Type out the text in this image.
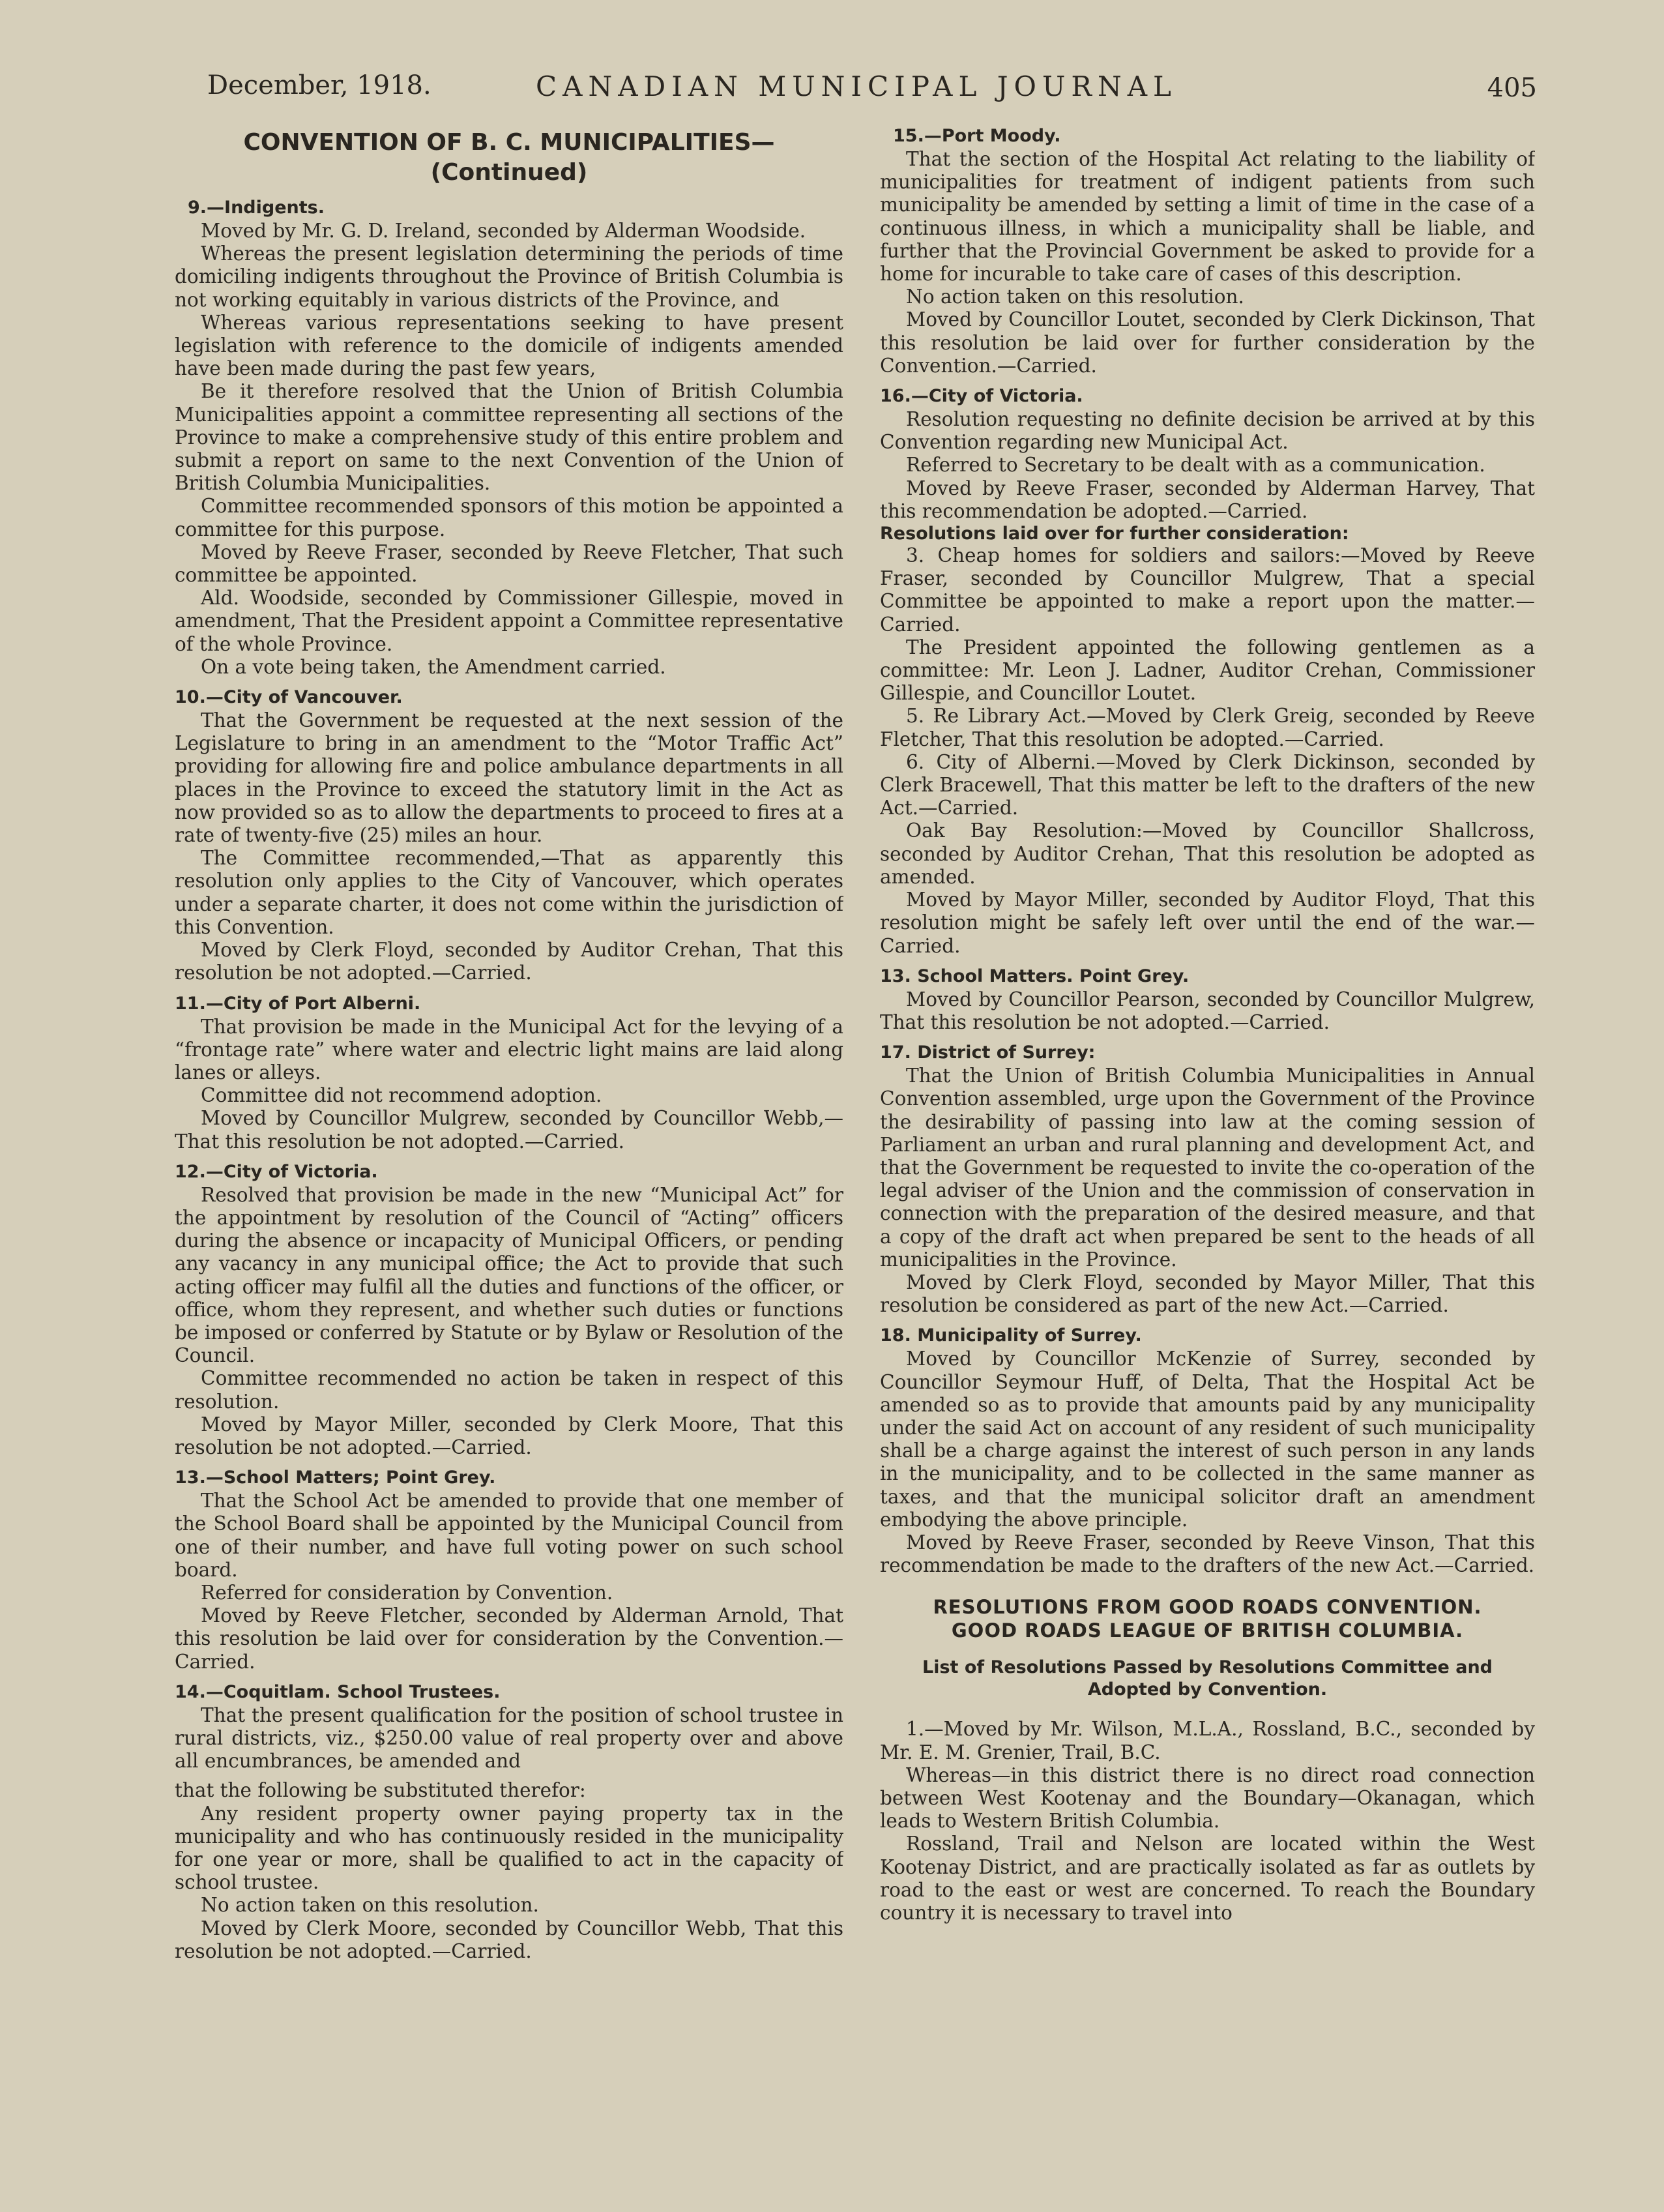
December, 1918.	CANADIAN MUNICIPAL JOURNAL	405
CONVENTION OF B. C. MUNICIPALITIES—
(Continued)
9.—Indigents.

Moved by Mr. G. D. Ireland, seconded by Alderman Woodside.

Whereas the present legislation determining the periods of time domiciling indigents throughout the Province of British Columbia is not working equitably in various districts of the Province, and

Whereas various representations seeking to have present legislation with reference to the domicile of indigents amended have been made during the past few years,

Be it therefore resolved that the Union of British Columbia Municipalities appoint a committee representing all sections of the Province to make a comprehensive study of this entire problem and submit a report on same to the next Convention of the Union of British Columbia Municipalities.

Committee recommended sponsors of this motion be appointed a committee for this purpose.

Moved by Reeve Fraser, seconded by Reeve Fletcher, That such committee be appointed.

Ald. Woodside, seconded by Commissioner Gillespie, moved in amendment, That the President appoint a Committee representative of the whole Province.

On a vote being taken, the Amendment carried.

10.—City of Vancouver.

That the Government be requested at the next session of the Legislature to bring in an amendment to the “Motor Traffic Act” providing for allowing fire and police ambulance departments in all places in the Province to exceed the statutory limit in the Act as now provided so as to allow the departments to proceed to fires at a rate of twenty-five (25) miles an hour.

The Committee recommended,—That as apparently this resolution only applies to the City of Vancouver, which operates under a separate charter, it does not come within the jurisdiction of this Convention.

Moved by Clerk Floyd, seconded by Auditor Crehan, That this resolution be not adopted.—Carried.

11.—City of Port Alberni.

That provision be made in the Municipal Act for the levying of a “frontage rate” where water and electric light mains are laid along lanes or alleys.

Committee did not recommend adoption.

Moved by Councillor Mulgrew, seconded by Councillor Webb,—That this resolution be not adopted.—Carried.

12.—City of Victoria.

Resolved that provision be made in the new “Municipal Act” for the appointment by resolution of the Council of “Acting” officers during the absence or incapacity of Municipal Officers, or pending any vacancy in any municipal office; the Act to provide that such acting officer may fulfil all the duties and functions of the officer, or office, whom they represent, and whether such duties or functions be imposed or conferred by Statute or by Bylaw or Resolution of the Council.

Committee recommended no action be taken in respect of this resolution.

Moved by Mayor Miller, seconded by Clerk Moore, That this resolution be not adopted.—Carried.

13.—School Matters; Point Grey.

That the School Act be amended to provide that one member of the School Board shall be appointed by the Municipal Council from one of their number, and have full voting power on such school board.

Referred for consideration by Convention.

Moved by Reeve Fletcher, seconded by Alderman Arnold, That this resolution be laid over for consideration by the Convention.—Carried.

14.—Coquitlam. School Trustees.

That the present qualification for the position of school trustee in rural districts, viz., $250.00 value of real property over and above all encumbrances, be amended and

that the following be substituted therefor:

Any resident property owner paying property tax in the municipality and who has continuously resided in the municipality for one year or more, shall be qualified to act in the capacity of school trustee.

No action taken on this resolution.

Moved by Clerk Moore, seconded by Councillor Webb, That this resolution be not adopted.—Carried.

15.—Port Moody.

That the section of the Hospital Act relating to the liability of municipalities for treatment of indigent patients from such municipality be amended by setting a limit of time in the case of a continuous illness, in which a municipality shall be liable, and further that the Provincial Government be asked to provide for a home for incurable to take care of cases of this description.

No action taken on this resolution.

Moved by Councillor Loutet, seconded by Clerk Dickinson, That this resolution be laid over for further consideration by the Convention.—Carried.

16.—City of Victoria.

Resolution requesting no definite decision be arrived at by this Convention regarding new Municipal Act.

Referred to Secretary to be dealt with as a communication.

Moved by Reeve Fraser, seconded by Alderman Harvey, That this recommendation be adopted.—Carried.

Resolutions laid over for further consideration:

3. Cheap homes for soldiers and sailors:—Moved by Reeve Fraser, seconded by Councillor Mulgrew, That a special Committee be appointed to make a report upon the matter.—Carried.

The President appointed the following gentlemen as a committee: Mr. Leon J. Ladner, Auditor Crehan, Commissioner Gillespie, and Councillor Loutet.

5. Re Library Act.—Moved by Clerk Greig, seconded by Reeve Fletcher, That this resolution be adopted.—Carried.

6. City of Alberni.—Moved by Clerk Dickinson, seconded by Clerk Bracewell, That this matter be left to the drafters of the new Act.—Carried.

Oak Bay Resolution:—Moved by Councillor Shallcross, seconded by Auditor Crehan, That this resolution be adopted as amended.

Moved by Mayor Miller, seconded by Auditor Floyd, That this resolution might be safely left over until the end of the war.—Carried.

13. School Matters. Point Grey.

Moved by Councillor Pearson, seconded by Councillor Mulgrew, That this resolution be not adopted.—Carried.

17. District of Surrey:

That the Union of British Columbia Municipalities in Annual Convention assembled, urge upon the Government of the Province the desirability of passing into law at the coming session of Parliament an urban and rural planning and development Act, and that the Government be requested to invite the co-operation of the legal adviser of the Union and the commission of conservation in connection with the preparation of the desired measure, and that a copy of the draft act when prepared be sent to the heads of all municipalities in the Province.

Moved by Clerk Floyd, seconded by Mayor Miller, That this resolution be considered as part of the new Act.—Carried.

18. Municipality of Surrey.

Moved by Councillor McKenzie of Surrey, seconded by Councillor Seymour Huff, of Delta, That the Hospital Act be amended so as to provide that amounts paid by any municipality under the said Act on account of any resident of such municipality shall be a charge against the interest of such person in any lands in the municipality, and to be collected in the same manner as taxes, and that the municipal solicitor draft an amendment embodying the above principle.

Moved by Reeve Fraser, seconded by Reeve Vinson, That this recommendation be made to the drafters of the new Act.—Carried.

RESOLUTIONS FROM GOOD ROADS CONVENTION.
GOOD ROADS LEAGUE OF BRITISH COLUMBIA.
List of Resolutions Passed by Resolutions Committee and
Adopted by Convention.

1.—Moved by Mr. Wilson, M.L.A., Rossland, B.C., seconded by Mr. E. M. Grenier, Trail, B.C.

Whereas—in this district there is no direct road connection between West Kootenay and the Boundary—Okanagan, which leads to Western British Columbia.

Rossland, Trail and Nelson are located within the West Kootenay District, and are practically isolated as far as outlets by road to the east or west are concerned. To reach the Boundary country it is necessary to travel into
